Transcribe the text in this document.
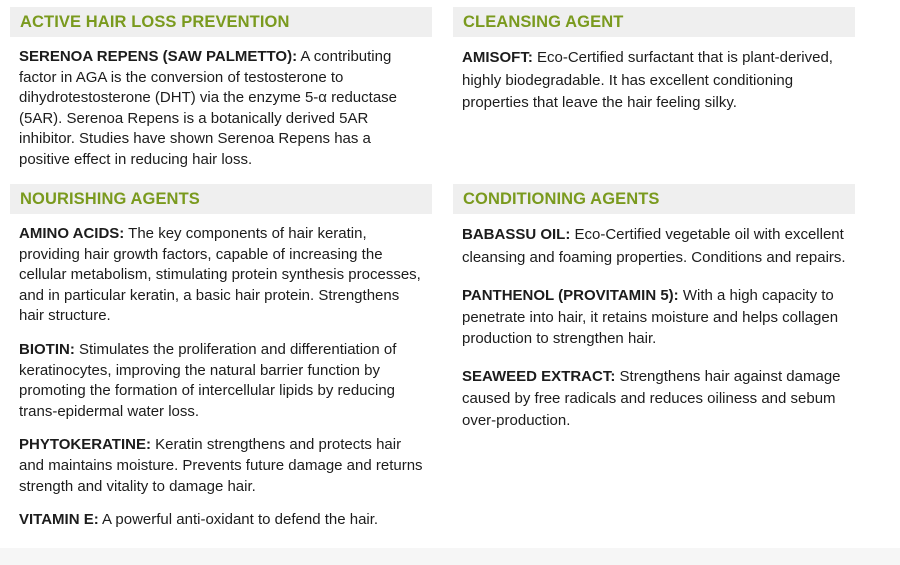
ACTIVE HAIR LOSS PREVENTION

SERENOA REPENS (SAW PALMETTO): A contributing factor in AGA is the conversion of testosterone to dihydrotestosterone (DHT) via the enzyme 5-α reductase (5AR). Serenoa Repens is a botanically derived 5AR inhibitor. Studies have shown Serenoa Repens has a positive effect in reducing hair loss.

NOURISHING AGENTS

AMINO ACIDS: The key components of hair keratin, providing hair growth factors, capable of increasing the cellular metabolism, stimulating protein synthesis processes, and in particular keratin, a basic hair protein. Strengthens hair structure.

BIOTIN: Stimulates the proliferation and differentiation of keratinocytes, improving the natural barrier function by promoting the formation of intercellular lipids by reducing trans-epidermal water loss.

PHYTOKERATINE: Keratin strengthens and protects hair and maintains moisture. Prevents future damage and returns strength and vitality to damage hair.

VITAMIN E: A powerful anti-oxidant to defend the hair.

CLEANSING AGENT

AMISOFT: Eco-Certified surfactant that is plant-derived, highly biodegradable. It has excellent conditioning properties that leave the hair feeling silky.

CONDITIONING AGENTS

BABASSU OIL: Eco-Certified vegetable oil with excellent cleansing and foaming properties. Conditions and repairs.

PANTHENOL (PROVITAMIN 5): With a high capacity to penetrate into hair, it retains moisture and helps collagen production to strengthen hair.

SEAWEED EXTRACT: Strengthens hair against damage caused by free radicals and reduces oiliness and sebum over-production.
